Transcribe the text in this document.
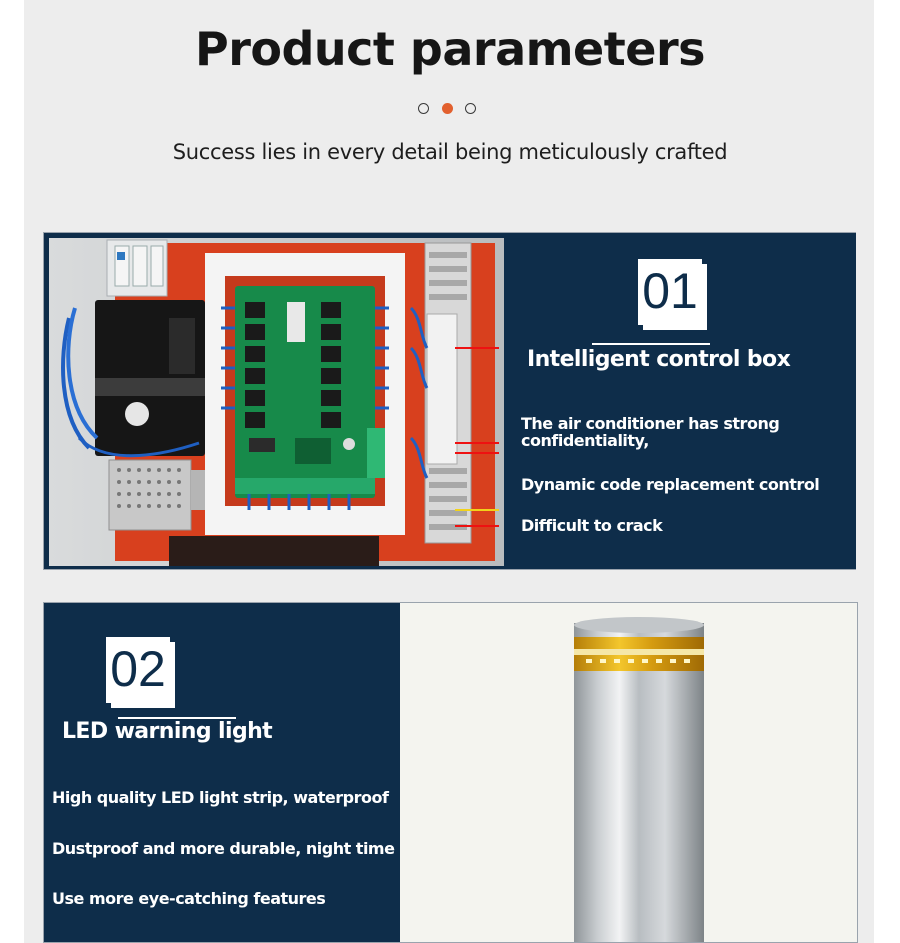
Product parameters
Success lies in every detail being meticulously crafted
01
Intelligent control box
The air conditioner has strong confidentiality,
Dynamic code replacement control
Difficult to crack
02
LED warning light
High quality LED light strip, waterproof
Dustproof and more durable, night time
Use more eye-catching features
